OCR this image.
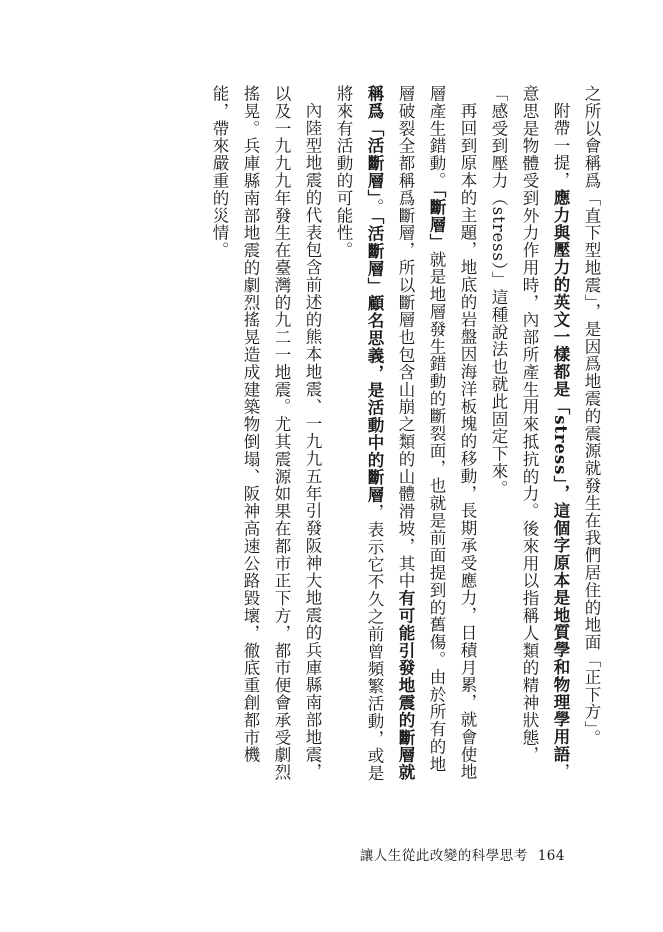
之所以會稱爲「直下型地震」，是因爲地震的震源就發生在我們居住的地面「正下方」。

附帶一提，應力與壓力的英文一樣都是「stress」，這個字原本是地質學和物理學用語，意思是物體受到外力作用時，內部所產生用來抵抗的力。後來用以指稱人類的精神狀態，「感受到壓力（stress）」這種說法也就此固定下來。

再回到原本的主題，地底的岩盤因海洋板塊的移動，長期承受應力，日積月累，就會使地層產生錯動。「斷層」就是地層發生錯動的斷裂面，也就是前面提到的舊傷。由於所有的地層破裂全都稱爲斷層，所以斷層也包含山崩之類的山體滑坡，其中有可能引發地震的斷層就稱爲「活斷層」。「活斷層」顧名思義，是活動中的斷層，表示它不久之前曾頻繁活動，或是將來有活動的可能性。

內陸型地震的代表包含前述的熊本地震、一九九五年引發阪神大地震的兵庫縣南部地震，以及一九九九年發生在臺灣的九二一地震。尤其震源如果在都市正下方，都市便會承受劇烈搖晃。兵庫縣南部地震的劇烈搖晃造成建築物倒塌、阪神高速公路毀壞，徹底重創都市機能，帶來嚴重的災情。

讓人生從此改變的科學思考 164
